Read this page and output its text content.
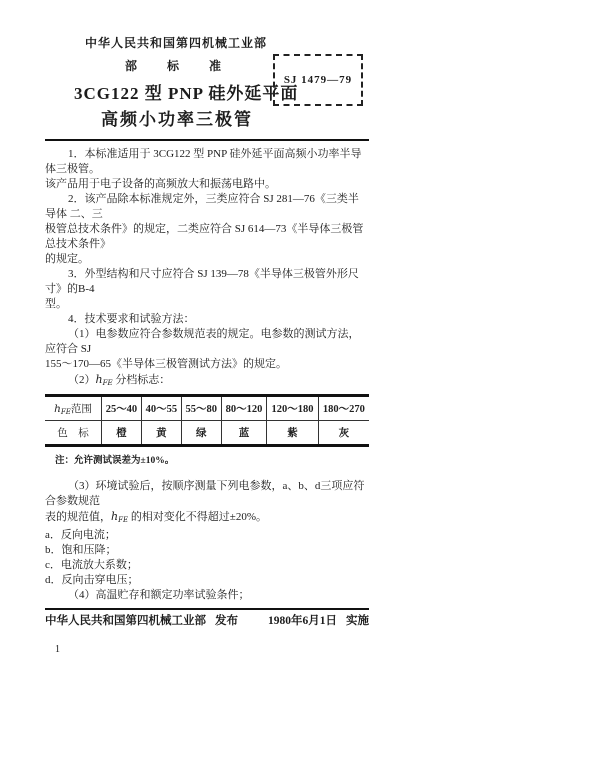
中华人民共和国第四机械工业部
部　标　准
3CG122 型 PNP 硅外延平面
高频小功率三极管
SJ 1479—79

1．本标准适用于 3CG122 型 PNP 硅外延平面高频小功率半导体三极管。

该产品用于电子设备的高频放大和振荡电路中。

2．该产品除本标准规定外，三类应符合 SJ 281—76《三类半导体 二、三

极管总技术条件》的规定，二类应符合 SJ 614—73《半导体三极管总技术条件》

的规定。

3．外型结构和尺寸应符合 SJ 139—78《半导体三极管外形尺寸》的B-4

型。

4．技术要求和试验方法：

（1）电参数应符合参数规范表的规定。电参数的测试方法，应符合 SJ

155～170—65《半导体三极管测试方法》的规定。

$(2)h_{FE}$ 分档标志：

$h_{FE}$范围	25～40	40～55	55～80	80～120	120～180	180～270
色　标	橙	黄	绿	蓝	紫	灰
注：允许测试误差为±10%。

（3）环境试验后，按顺序测量下列电参数，a、b、d三项应符合参数规范

表的规范值，$h_{FE}$ 的相对变化不得超过±20%。

a．反向电流；

b．饱和压降；

c．电流放大系数；

d．反向击穿电压；

（4）高温贮存和额定功率试验条件；

中华人民共和国第四机械工业部 发布	1980年6月1日 实施
1
